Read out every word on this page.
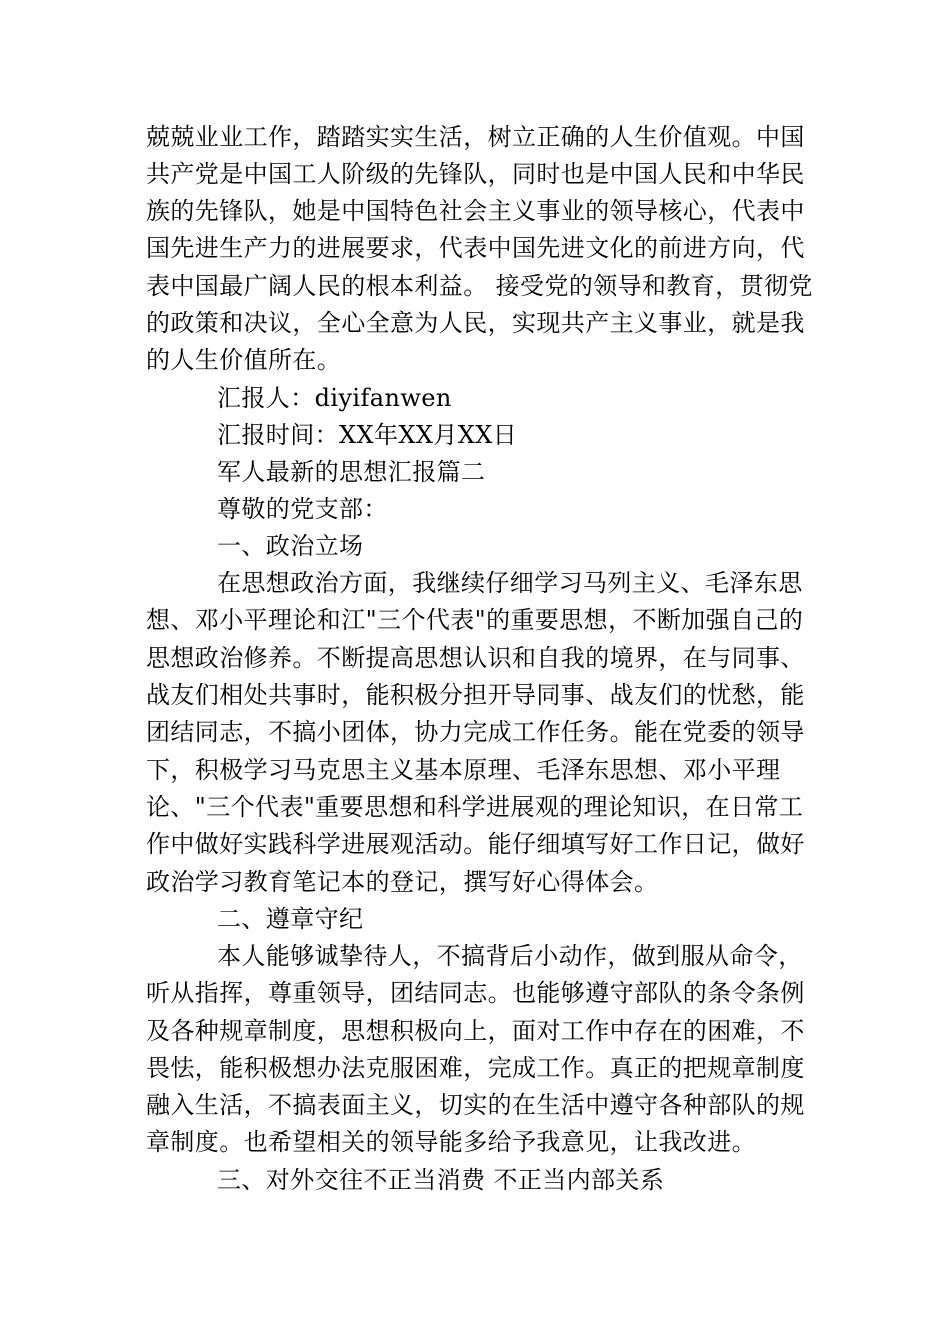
兢兢业业工作，踏踏实实生活，树立正确的人生价值观。中国
共产党是中国工人阶级的先锋队，同时也是中国人民和中华民
族的先锋队，她是中国特色社会主义事业的领导核心，代表中
国先进生产力的进展要求，代表中国先进文化的前进方向，代
表中国最广阔人民的根本利益。 接受党的领导和教育，贯彻党
的政策和决议，全心全意为人民，实现共产主义事业，就是我
的人生价值所在。
汇报人：diyifanwen
汇报时间：XX年XX月XX日
军人最新的思想汇报篇二
尊敬的党支部：
一、政治立场
在思想政治方面，我继续仔细学习马列主义、毛泽东思
想、邓小平理论和江"三个代表"的重要思想，不断加强自己的
思想政治修养。不断提高思想认识和自我的境界，在与同事、
战友们相处共事时，能积极分担开导同事、战友们的忧愁，能
团结同志，不搞小团体，协力完成工作任务。能在党委的领导
下，积极学习马克思主义基本原理、毛泽东思想、邓小平理
论、"三个代表"重要思想和科学进展观的理论知识，在日常工
作中做好实践科学进展观活动。能仔细填写好工作日记，做好
政治学习教育笔记本的登记，撰写好心得体会。
二、遵章守纪
本人能够诚挚待人，不搞背后小动作，做到服从命令，
听从指挥，尊重领导，团结同志。也能够遵守部队的条令条例
及各种规章制度，思想积极向上，面对工作中存在的困难，不
畏怯，能积极想办法克服困难，完成工作。真正的把规章制度
融入生活，不搞表面主义，切实的在生活中遵守各种部队的规
章制度。也希望相关的领导能多给予我意见，让我改进。
三、对外交往不正当消费 不正当内部关系
